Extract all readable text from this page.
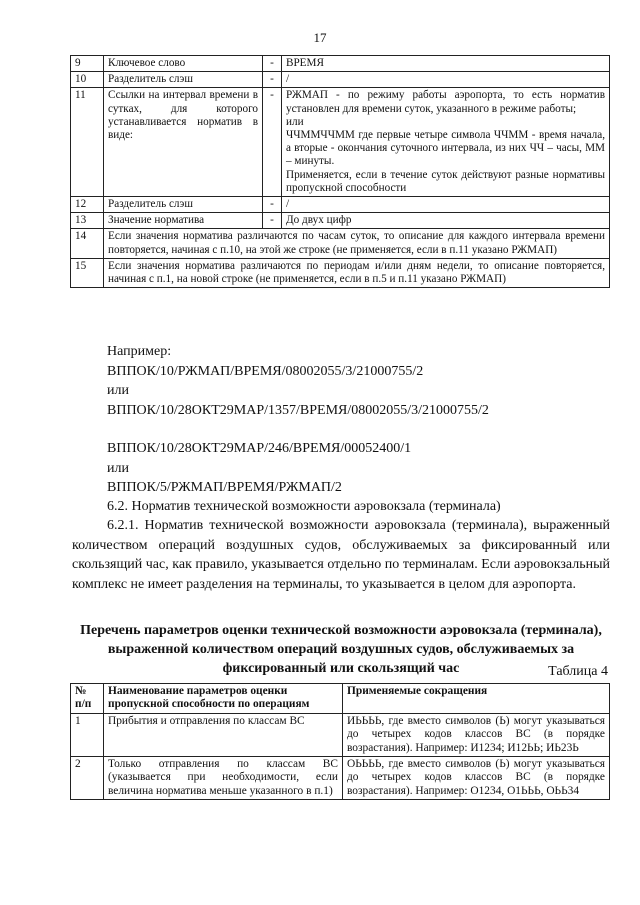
17
9	Ключевое слово	-	ВРЕМЯ
10	Разделитель слэш	-	/
11	Ссылки на интервал времени в сутках, для которого устанавливается норматив в виде:	-	РЖМАП - по режиму работы аэропорта, то есть норматив установлен для времени суток, указанного в режиме работы;
или
ЧЧММЧЧММ где первые четыре символа ЧЧММ - время начала, а вторые - окончания суточного интервала, из них ЧЧ – часы, ММ – минуты.
Применяется, если в течение суток действуют разные нормативы пропускной способности
12	Разделитель слэш	-	/
13	Значение норматива	-	До двух цифр
14	Если значения норматива различаются по часам суток, то описание для каждого интервала времени повторяется, начиная с п.10, на этой же строке (не применяется, если в п.11 указано РЖМАП)		
15	Если значения норматива различаются по периодам и/или дням недели, то описание повторяется, начиная с п.1, на новой строке (не применяется, если в п.5 и п.11 указано РЖМАП)		
Например:
ВППОК/10/РЖМАП/ВРЕМЯ/08002055/3/21000755/2
или
ВППОК/10/28ОКТ29МАР/1357/ВРЕМЯ/08002055/3/21000755/2
ВППОК/10/28ОКТ29МАР/246/ВРЕМЯ/00052400/1
или
ВППОК/5/РЖМАП/ВРЕМЯ/РЖМАП/2
6.2. Норматив технической возможности аэровокзала (терминала)
6.2.1. Норматив технической возможности аэровокзала (терминала), выраженный количеством операций воздушных судов, обслуживаемых за фиксированный или скользящий час, как правило, указывается отдельно по терминалам. Если аэровокзальный комплекс не имеет разделения на терминалы, то указывается в целом для аэропорта.
Перечень параметров оценки технической возможности аэровокзала (терминала), выраженной количеством операций воздушных судов, обслуживаемых за фиксированный или скользящий час	Таблица 4
№ п/п	Наименование параметров оценки пропускной способности по операциям	Применяемые сокращения
1	Прибытия и отправления по классам ВС	ИЬЬЬЬ, где вместо символов (Ь) могут указываться до четырех кодов классов ВС (в порядке возрастания). Например: И1234; И12ЬЬ; ИЬ23Ь
2	Только отправления по классам ВС (указывается при необходимости, если величина норматива меньше указанного в п.1)	ОЬЬЬЬ, где вместо символов (Ь) могут указываться до четырех кодов классов ВС (в порядке возрастания). Например: О1234, О1ЬЬЬ, ОЬЬ34
